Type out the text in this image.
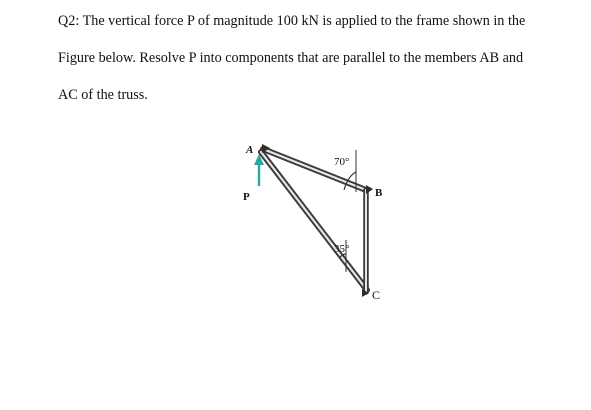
Q2: The vertical force P of magnitude 100 kN is applied to the frame shown in the
Figure below. Resolve P into components that are parallel to the members AB and
AC of the truss.
A
70°
B
P
35°
C
